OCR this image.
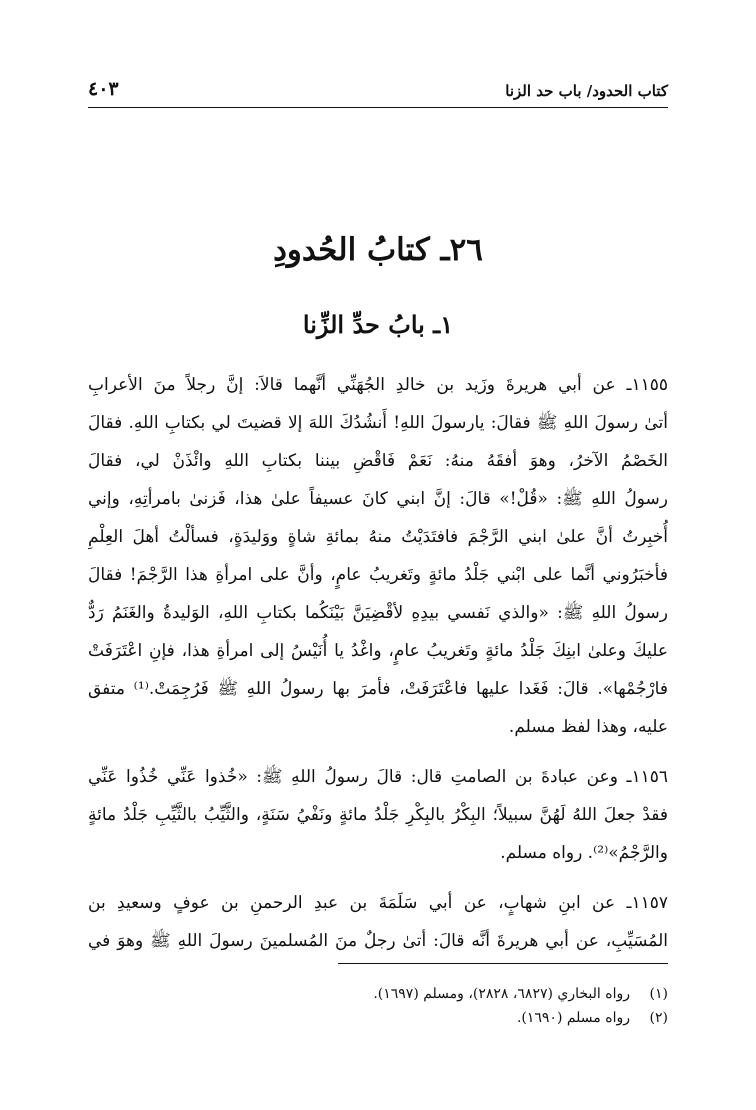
كتاب الحدود/ باب حد الزنا
٤٠٣
٢٦ـ كتابُ الحُدودِ
١ـ بابُ حدِّ الزِّنا
١١٥٥ـ عن أبي هريرةَ وزَيد بن خالدِ الجُهَنِّي أنَّهما قالاَ: إنَّ رجلاً منَ الأعرابِ
أتىٰ رسولَ اللهِ ﷺ فقالَ: يارسولَ اللهِ! أَنشُدُكَ اللهَ إلا قضيتَ لي بكتابِ اللهِ. فقالَ
الخَصْمُ الآخرُ، وهوَ أفقَهُ منهُ: نَعَمْ فَاقْضِ بيننا بكتابِ اللهِ وائْذَنْ لي، فقالَ
رسولُ اللهِ ﷺ: «قُلْ!» قالَ: إنَّ ابني كانَ عسيفاً علىٰ هذا، فَزنىٰ بامرأتِهِ، وإني
أُخبِرتُ أنَّ علىٰ ابني الرَّجْمَ فافتَدَيْتُ منهُ بمائةِ شاةٍ ووَليدَةٍ، فسألْتُ أهلَ العِلْمِ
فأخبَرُوني أنَّما على ابْني جَلْدُ مائةٍ وتَغريبُ عامٍ، وأنَّ على امرأةِ هذا الرَّجْمَ! فقالَ
رسولُ اللهِ ﷺ: «والذي نَفسي بيدِهِ لأقْضِيَنَّ بَيْنَكُما بكتابِ اللهِ، الوَليدةُ والغَنَمُ رَدٌّ
عليكَ وعلىٰ ابنِكَ جَلْدُ مائةٍ وتَغريبُ عامٍ، واغْدُ يا أُنَيْسُ إلى امرأةِ هذا، فإنِ اعْتَرَفَتْ
فارْجُمْها». قالَ: فَغَدا عليها فاعْتَرَفَتْ، فأمرَ بها رسولُ اللهِ ﷺ فَرُجِمَتْ.⁽¹⁾ متفق
عليه، وهذا لفظ مسلم.
١١٥٦ـ وعن عبادةَ بن الصامتِ قال: قالَ رسولُ اللهِ ﷺ: «خُذوا عَنِّي خُذُوا عَنِّي
فقدْ جعلَ اللهُ لَهُنَّ سبيلاً؛ البِكْرُ بالبِكْرِ جَلْدُ مائةٍ ونَفْيُ سَنَةٍ، والثَّيِّبُ بالثَّيِّبِ جَلْدُ مائةٍ
والرَّجْمُ»⁽²⁾. رواه مسلم.
١١٥٧ـ عن ابنِ شهابٍ، عن أبي سَلَمَةَ بن عبدِ الرحمنِ بن عوفٍ وسعيدِ بن
المُسَيِّبِ، عن أبي هريرةَ أنَّه قالَ: أتىٰ رجلٌ منَ المُسلمينَ رسولَ اللهِ ﷺ وهوَ في
(١)
رواه البخاري (٦٨٢٧، ٢٨٢٨)، ومسلم (١٦٩٧).
(٢)
رواه مسلم (١٦٩٠).
